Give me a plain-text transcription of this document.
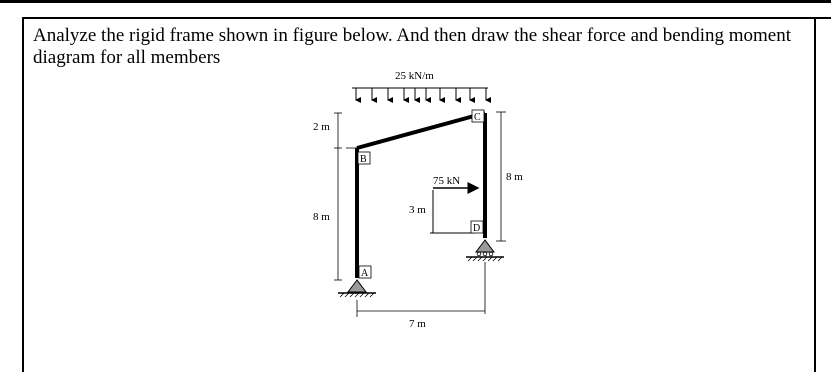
Analyze the rigid frame shown in figure below. And then draw the shear force and bending moment diagram for all members

25 kN/m
75 kN
B
C
D
A
2 m
8 m
8 m
3 m
7 m
